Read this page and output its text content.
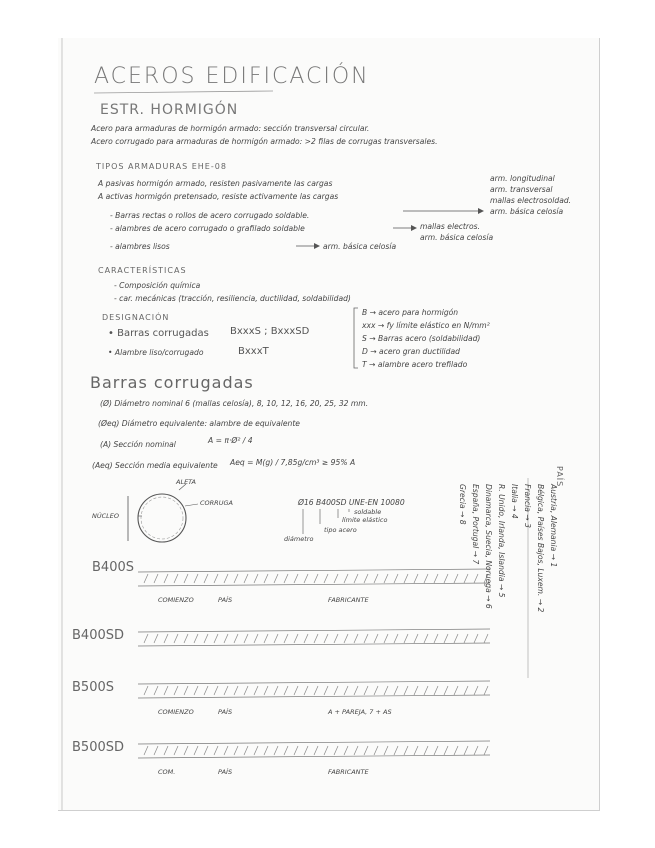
ACEROS EDIFICACIÓN
ESTR. HORMIGÓN
Acero para armaduras de hormigón armado: sección transversal circular.
Acero corrugado para armaduras de hormigón armado: >2 filas de corrugas transversales.
TIPOS ARMADURAS EHE-08
A pasivas hormigón armado, resisten pasivamente las cargas
A activas hormigón pretensado, resiste activamente las cargas
arm. longitudinal
arm. transversal
mallas electrosoldad.
arm. básica celosía
- Barras rectas o rollos de acero corrugado soldable.
- alambres de acero corrugado o grafilado soldable	mallas electros.
arm. básica celosía
- alambres lisos	arm. básica celosía
CARACTERÍSTICAS
- Composición química
- car. mecánicas (tracción, resiliencia, ductilidad, soldabilidad)
DESIGNACIÓN
• Barras corrugadas BxxxS ; BxxxSD
• Alambre liso/corrugado	BxxxT
B → acero para hormigón
xxx → fy límite elástico en N/mm²
S → Barras acero (soldabilidad)
D → acero gran ductilidad
T → alambre acero trefilado
Barras corrugadas
(Ø) Diámetro nominal 6 (mallas celosía), 8, 10, 12, 16, 20, 25, 32 mm.
(Øeq) Diámetro equivalente: alambre de equivalente
(A) Sección nominal	A = π·Ø² / 4
(Aeq) Sección media equivalente Aeq = M(g) / 7,85g/cm³ ≥ 95% A
ALETA
CORRUGA
NÚCLEO
Ø16 B400SD UNE-EN 10080
soldable
límite elástico
tipo acero
diámetro
PAÍS
Austria, Alemania → 1
Bélgica, Países Bajos, Luxem. → 2
Francia → 3
Italia → 4
R. Unido, Irlanda, Islandia → 5
Dinamarca, Suecia, Noruega → 6
España, Portugal → 7
Grecia → 8
B400S
COMIENZO	PAÍS	FABRICANTE
B400SD
B500S
COMIENZO	PAÍS	A + PAREJA, 7 + AS
B500SD
COM.	PAÍS	FABRICANTE
